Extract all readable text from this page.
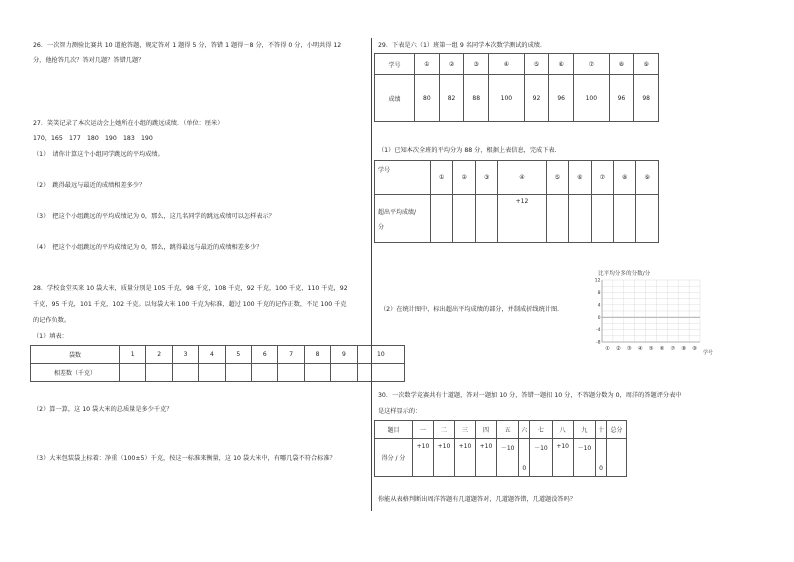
26．一次智力测验比赛共 10 道抢答题，规定答对 1 题得 5 分，答错 1 题得－8 分，不答得 0 分，小明共得 12
分，他抢答几次？答对几题？答错几题？
27．笑笑记录了本次运动会上她所在小组的跳远成绩．（单位：厘米）
170，165　177　180　190　183　190
（1）　请你计算这个小组同学跳远的平均成绩。
（2）　跳得最远与最近的成绩相差多少？
（3）　把这个小组跳远的平均成绩记为 0，那么，这几名同学的跳远成绩可以怎样表示？
（4）　把这个小组跳远的平均成绩记为 0，那么，跳得最远与最近的成绩相差多少？
28．学校食堂买来 10 袋大米，质量分别是 105 千克，98 千克，108 千克，92 千克，100 千克，110 千克，92
千克，95 千克，101 千克，102 千克。以每袋大米 100 千克为标准，超过 100 千克的记作正数，不足 100 千克
的记作负数。
（1）填表：
袋数	1	2	3	4	5	6	7	8	9	10
相差数（千克）										
（2）算一算，这 10 袋大米的总质量是多少千克？
（3）大米包装袋上标着：净重（100±5）千克，按这一标准来衡量，这 10 袋大米中，有哪几袋不符合标准？
29．下表是六（1）班第一组 9 名同学本次数学测试的成绩．
学号	①	②	③	④	⑤	⑥	⑦	⑧	⑨
成绩	80	82	88	100	92	96	100	96	98
（1）已知本次全班的平均分为 88 分，根据上表信息，完成下表．
学号	①	②	③	④	⑤	⑥	⑦	⑧	⑨

超出平均成绩/
分				+12					
（2）在统计图中，标出超出平均成绩的部分，并制成折线统计图．
比平均分多的分数/分
12
8
4
0
-4
-8
① ② ③ ④ ⑤ ⑥ ⑦ ⑧ ⑨
学号
30．一次数学竞赛共有十道题，答对一题加 10 分，答错一题扣 10 分，不答题分数为 0，周洋的答题评分表中
是这样显示的：
题目	一	二	三	四	五	六	七	八	九	十	总分
得分 / 分	+10	+10	+10	+10	－10	0	－10	+10	－10	0	
你能从表格判断出周洋答题有几道题答对，几道题答错，几道题没答吗？
